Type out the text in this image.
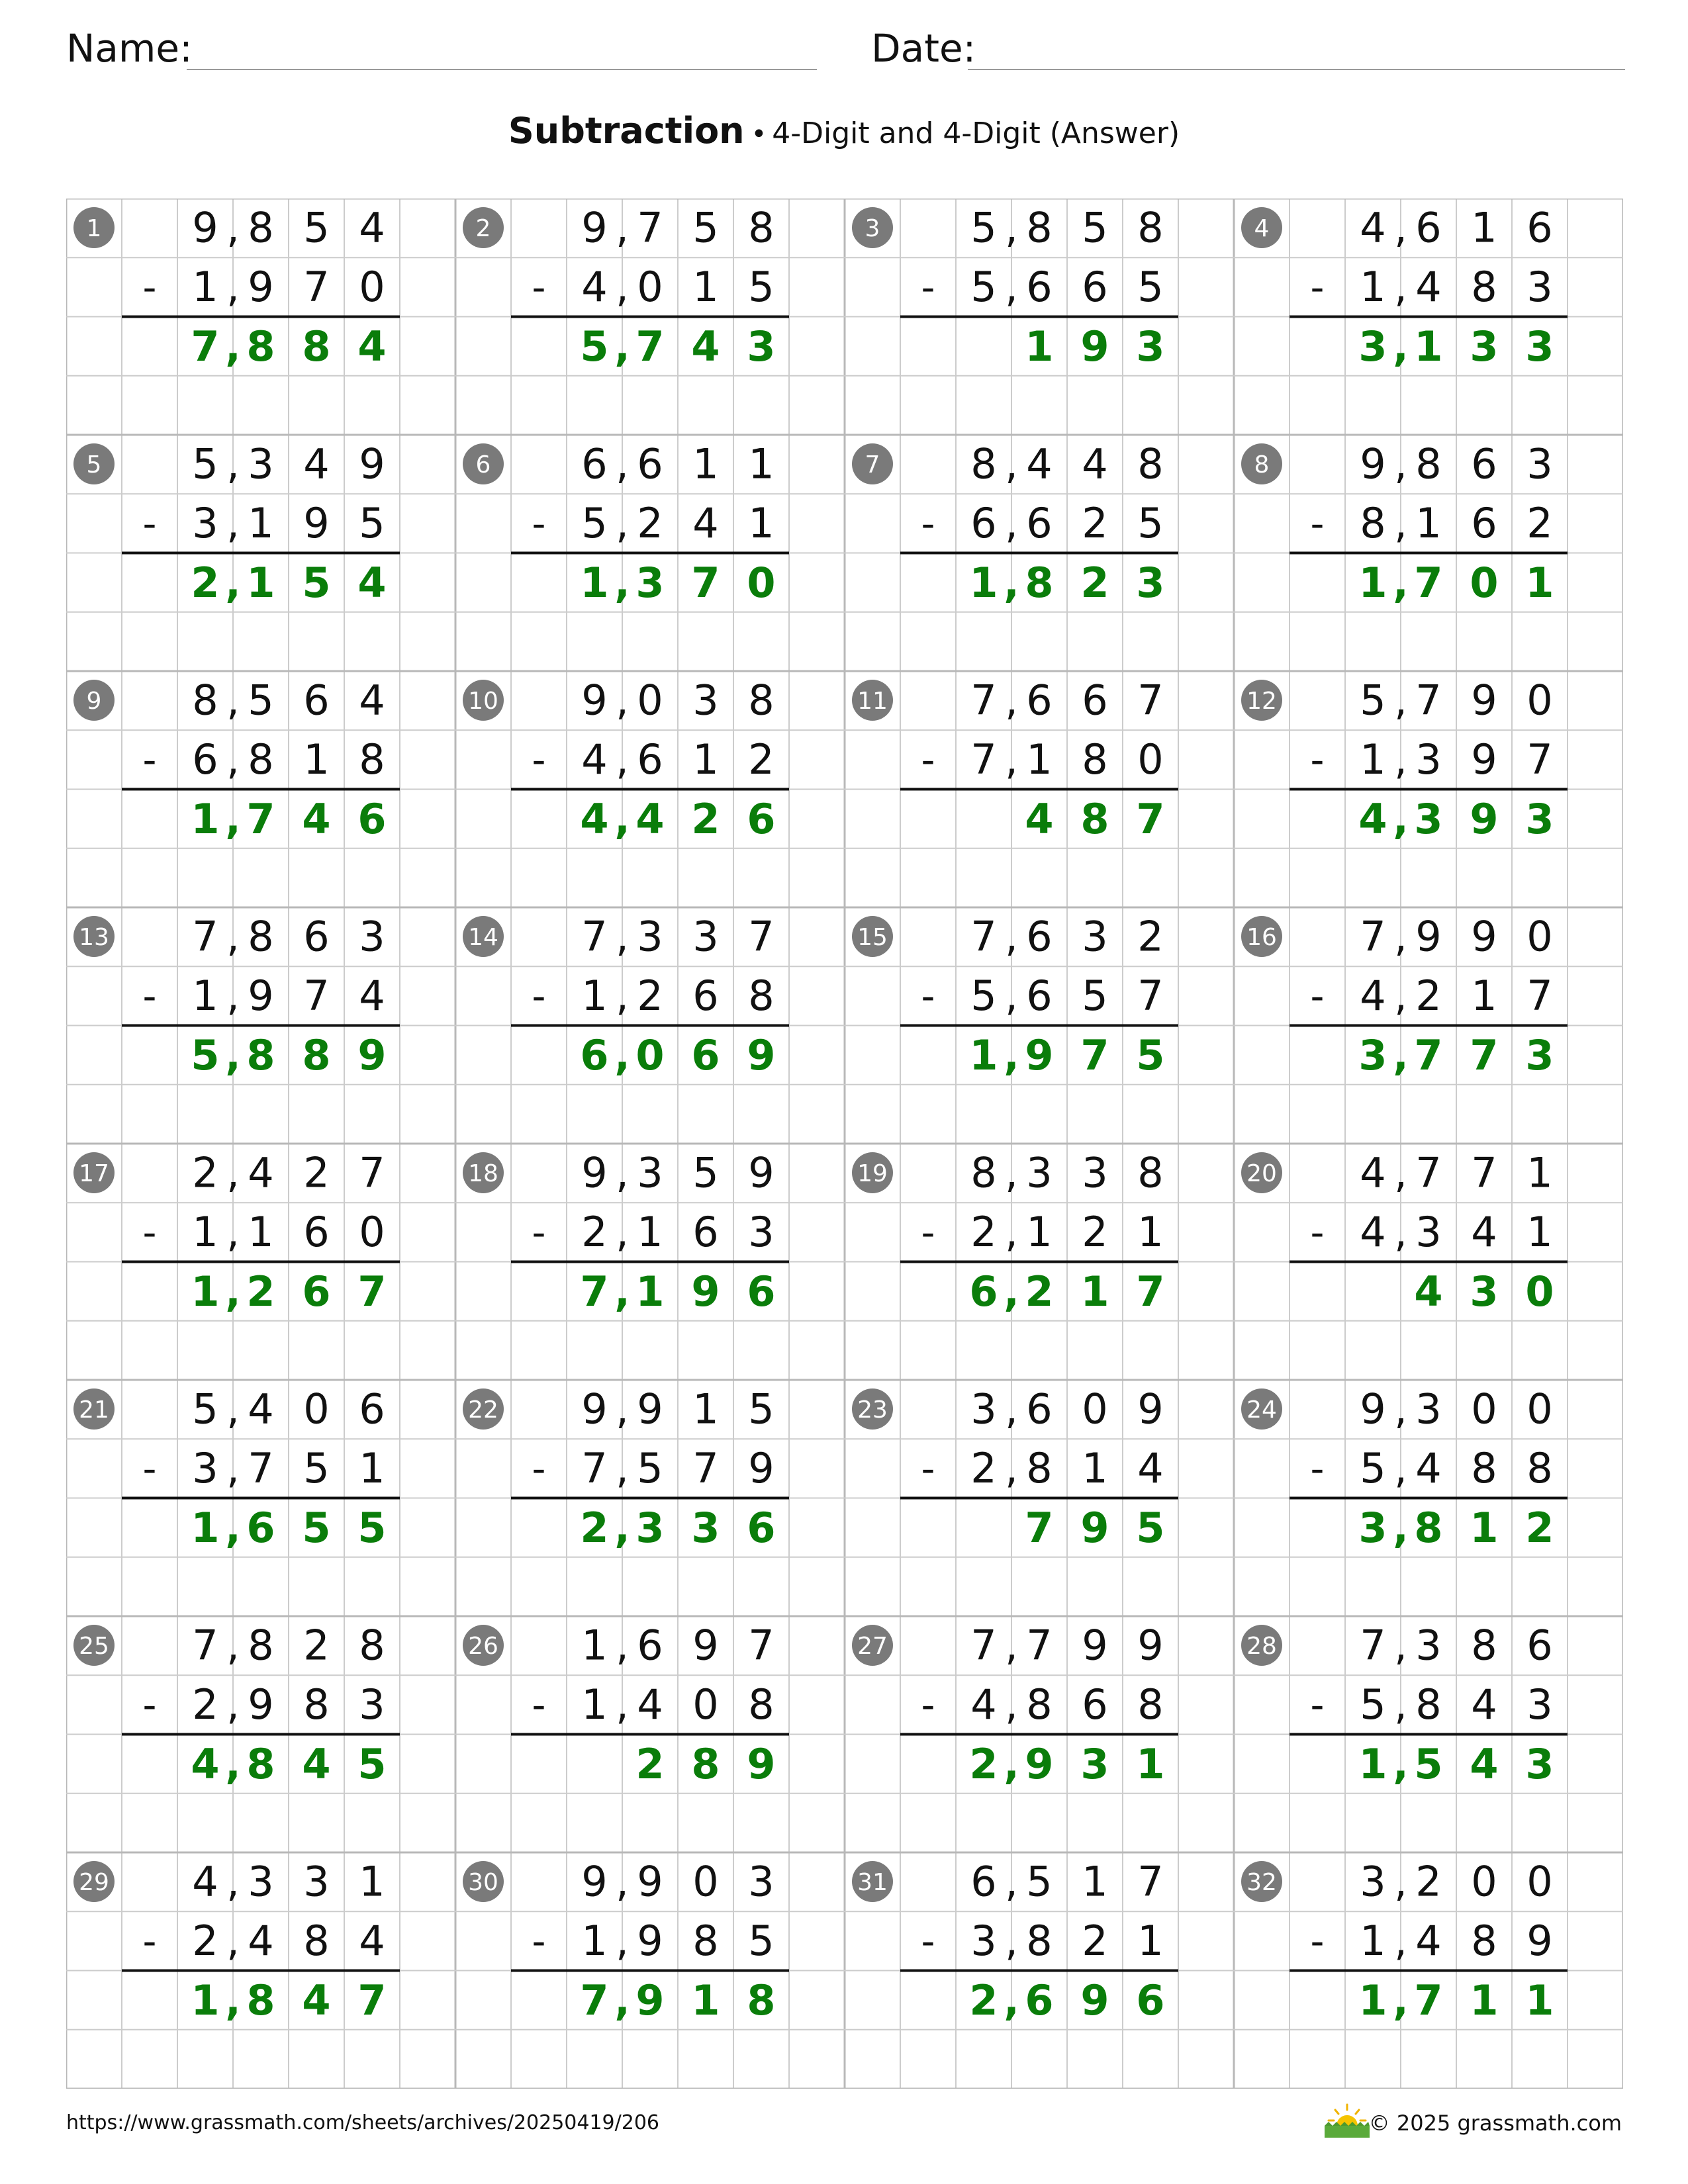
Name:	Date:
Subtraction • 4-Digit and 4-Digit (Answer)
1 9 8 5 4
,
1 9 7 0
,
-
7 8 8 4
,
2 9 7 5 8
,
4 0 1 5
,
-
5 7 4 3
,
3 5 8 5 8
,
5 6 6 5
,
-
1 9 3
4 4 6 1 6
,
1 4 8 3
,
-
3 1 3 3
,
5 5 3 4 9
,
3 1 9 5
,
-
2 1 5 4
,
6 6 6 1 1
,
5 2 4 1
,
-
1 3 7 0
,
7 8 4 4 8
,
6 6 2 5
,
-
1 8 2 3
,
8 9 8 6 3
,
8 1 6 2
,
-
1 7 0 1
,
9 8 5 6 4
,
6 8 1 8
,
-
1 7 4 6
,
10 9 0 3 8
,
4 6 1 2
,
-
4 4 2 6
,
11 7 6 6 7
,
7 1 8 0
,
-
4 8 7
12 5 7 9 0
,
1 3 9 7
,
-
4 3 9 3
,
13 7 8 6 3
,
1 9 7 4
,
-
5 8 8 9
,
14 7 3 3 7
,
1 2 6 8
,
-
6 0 6 9
,
15 7 6 3 2
,
5 6 5 7
,
-
1 9 7 5
,
16 7 9 9 0
,
4 2 1 7
,
-
3 7 7 3
,
17 2 4 2 7
,
1 1 6 0
,
-
1 2 6 7
,
18 9 3 5 9
,
2 1 6 3
,
-
7 1 9 6
,
19 8 3 3 8
,
2 1 2 1
,
-
6 2 1 7
,
20 4 7 7 1
,
4 3 4 1
,
-
4 3 0
21 5 4 0 6
,
3 7 5 1
,
-
1 6 5 5
,
22 9 9 1 5
,
7 5 7 9
,
-
2 3 3 6
,
23 3 6 0 9
,
2 8 1 4
,
-
7 9 5
24 9 3 0 0
,
5 4 8 8
,
-
3 8 1 2
,
25 7 8 2 8
,
2 9 8 3
,
-
4 8 4 5
,
26 1 6 9 7
,
1 4 0 8
,
-
2 8 9
27 7 7 9 9
,
4 8 6 8
,
-
2 9 3 1
,
28 7 3 8 6
,
5 8 4 3
,
-
1 5 4 3
,
29 4 3 3 1
,
2 4 8 4
,
-
1 8 4 7
,
30 9 9 0 3
,
1 9 8 5
,
-
7 9 1 8
,
31 6 5 1 7
,
3 8 2 1
,
-
2 6 9 6
,
32 3 2 0 0
,
1 4 8 9
,
-
1 7 1 1
,
https://www.grassmath.com/sheets/archives/20250419/206	© 2025 grassmath.com
